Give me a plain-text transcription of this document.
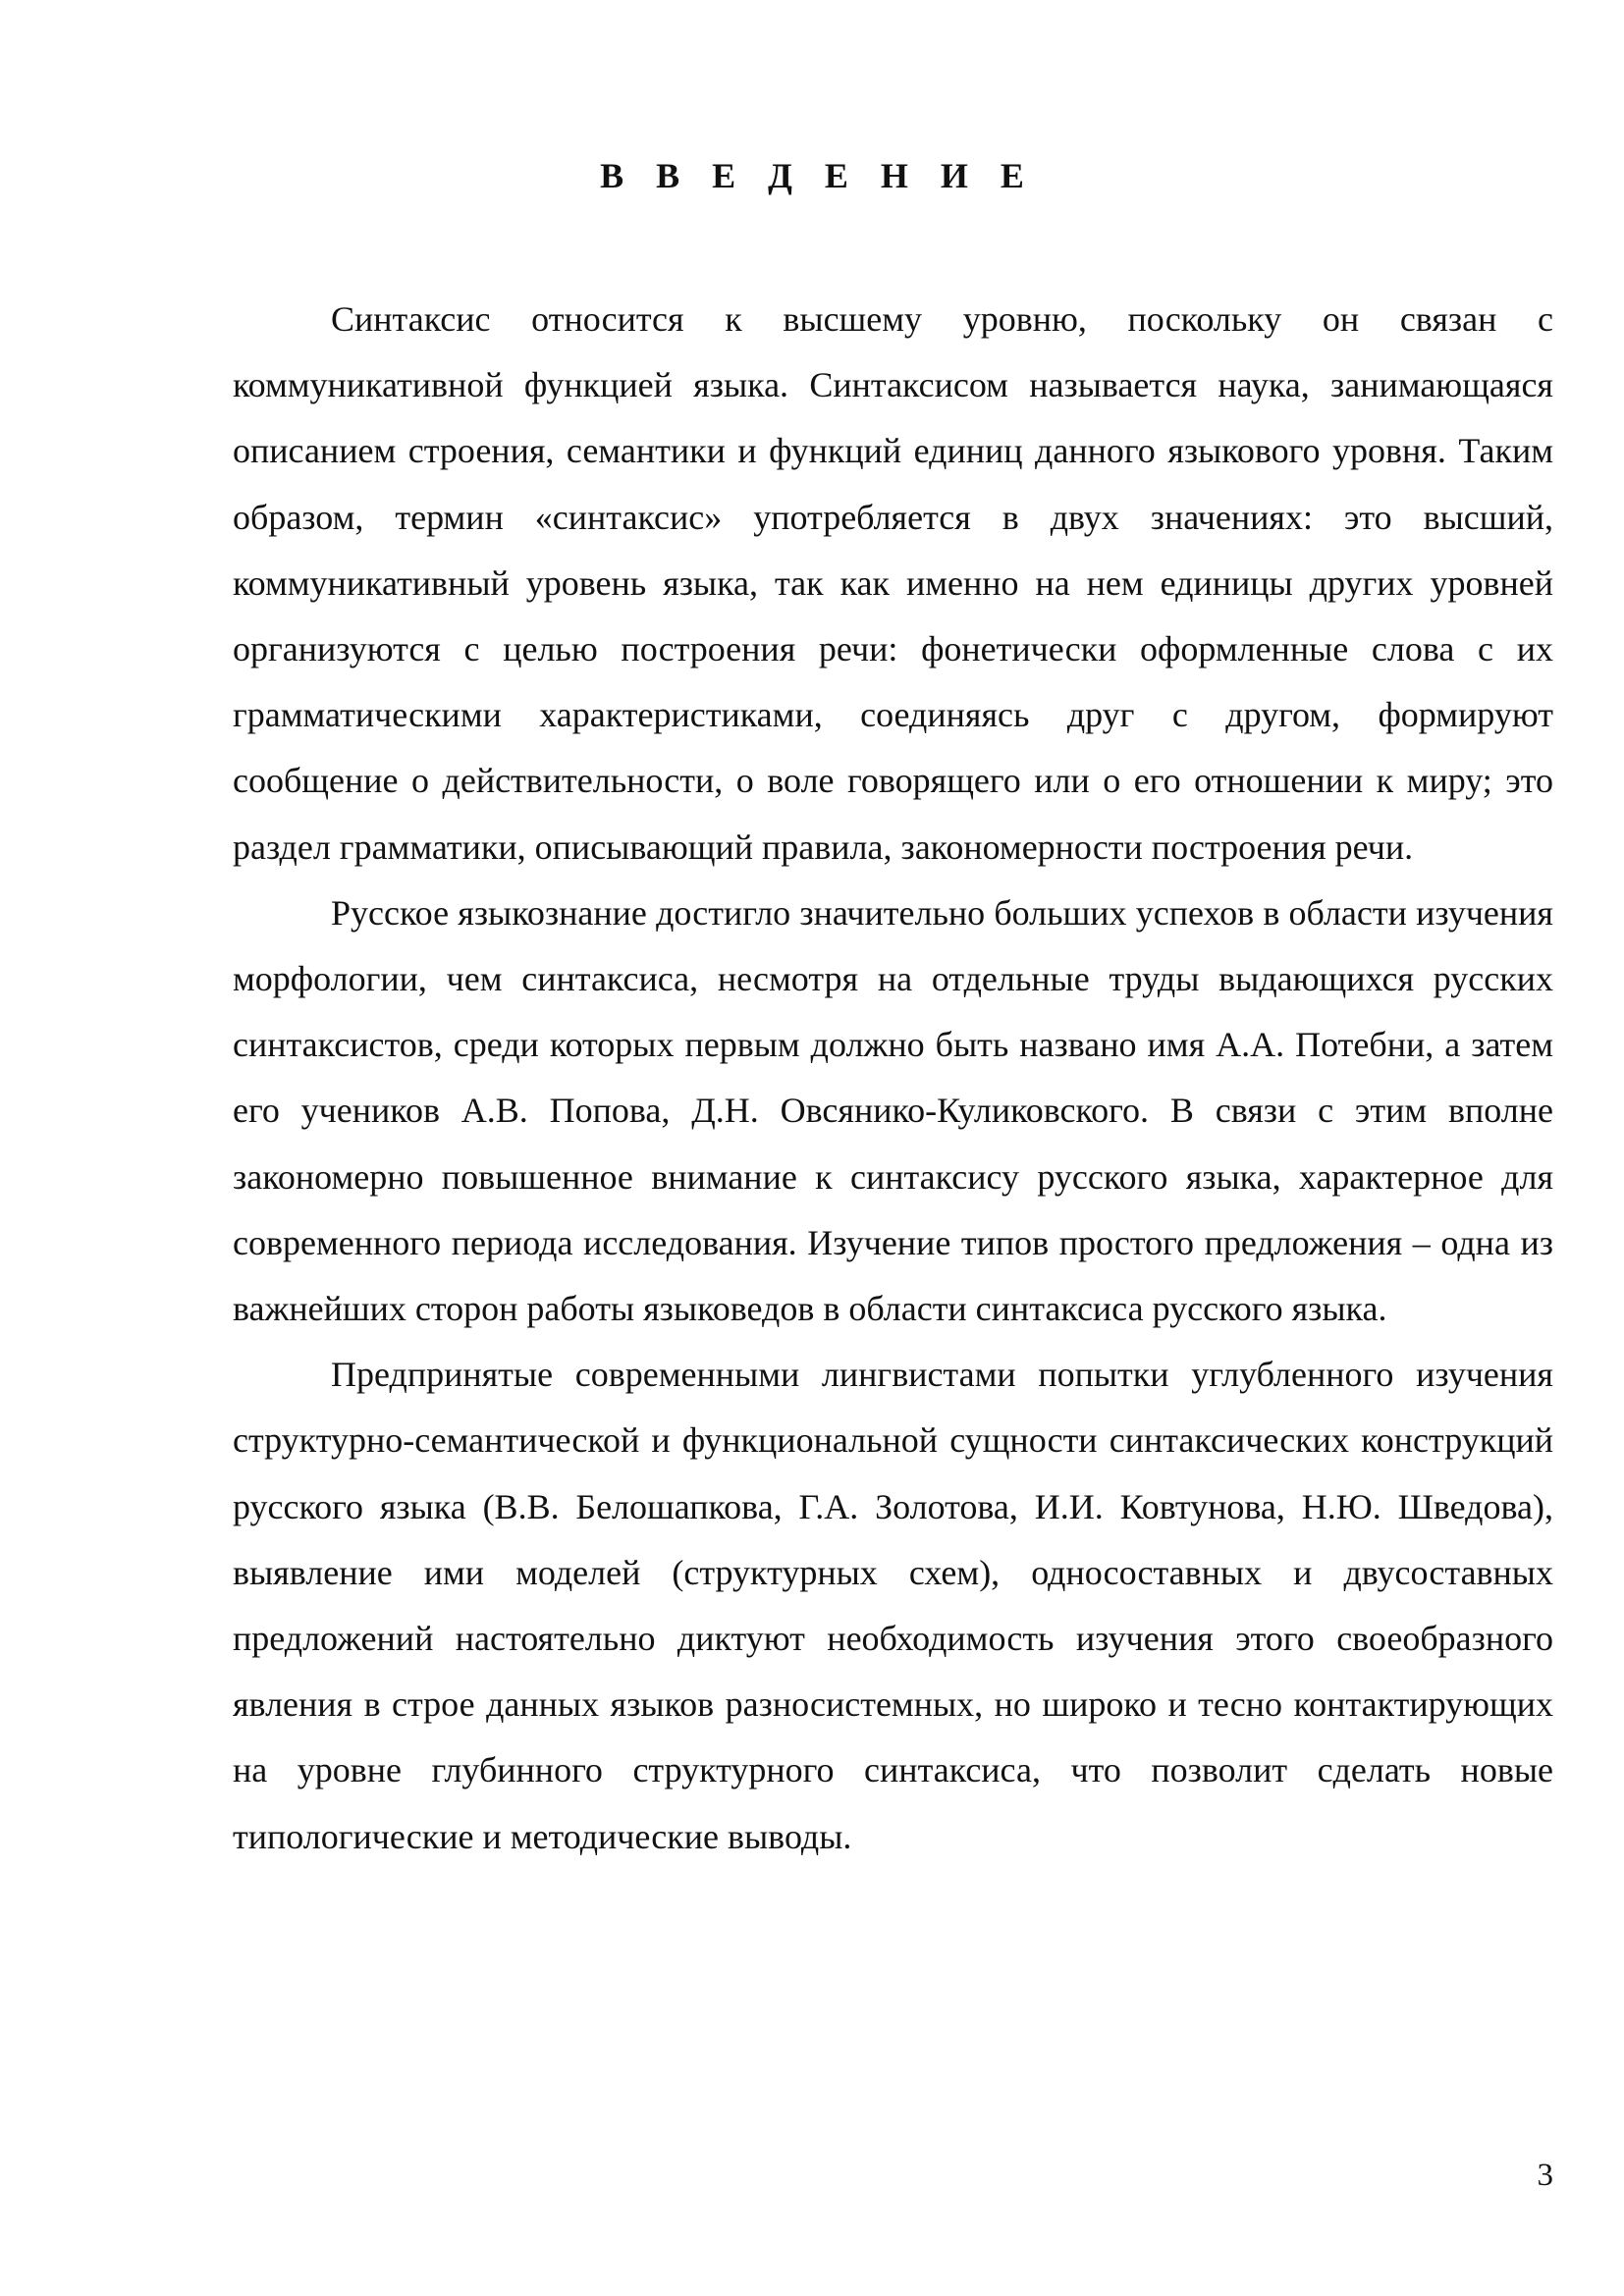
В В Е Д Е Н И Е

Синтаксис относится к высшему уровню, поскольку он связан с коммуникативной функцией языка. Синтаксисом называется наука, занимающаяся описанием строения, семантики и функций единиц данного языкового уровня. Таким образом, термин «синтаксис» употребляется в двух значениях: это высший, коммуникативный уровень языка, так как именно на нем единицы других уровней организуются с целью построения речи: фонетически оформленные слова с их грамматическими характеристиками, соединяясь друг с другом, формируют сообщение о действительности, о воле говорящего или о его отношении к миру; это раздел грамматики, описывающий правила, закономерности построения речи.

Русское языкознание достигло значительно больших успехов в области изучения морфологии, чем синтаксиса, несмотря на отдельные труды выдающихся русских синтаксистов, среди которых первым должно быть названо имя А.А. Потебни, а затем его учеников А.В. Попова, Д.Н. Овсянико-Куликовского. В связи с этим вполне закономерно повышенное внимание к синтаксису русского языка, характерное для современного периода исследования. Изучение типов простого предложения – одна из важнейших сторон работы языковедов в области синтаксиса русского языка.

Предпринятые современными лингвистами попытки углубленного изучения структурно-семантической и функциональной сущности синтаксических конструкций русского языка (В.В. Белошапкова, Г.А. Золотова, И.И. Ковтунова, Н.Ю. Шведова), выявление ими моделей (структурных схем), односоставных и двусоставных предложений настоятельно диктуют необходимость изучения этого своеобразного явления в строе данных языков разносистемных, но широко и тесно контактирующих на уровне глубинного структурного синтаксиса, что позволит сделать новые типологические и методические выводы.

3
